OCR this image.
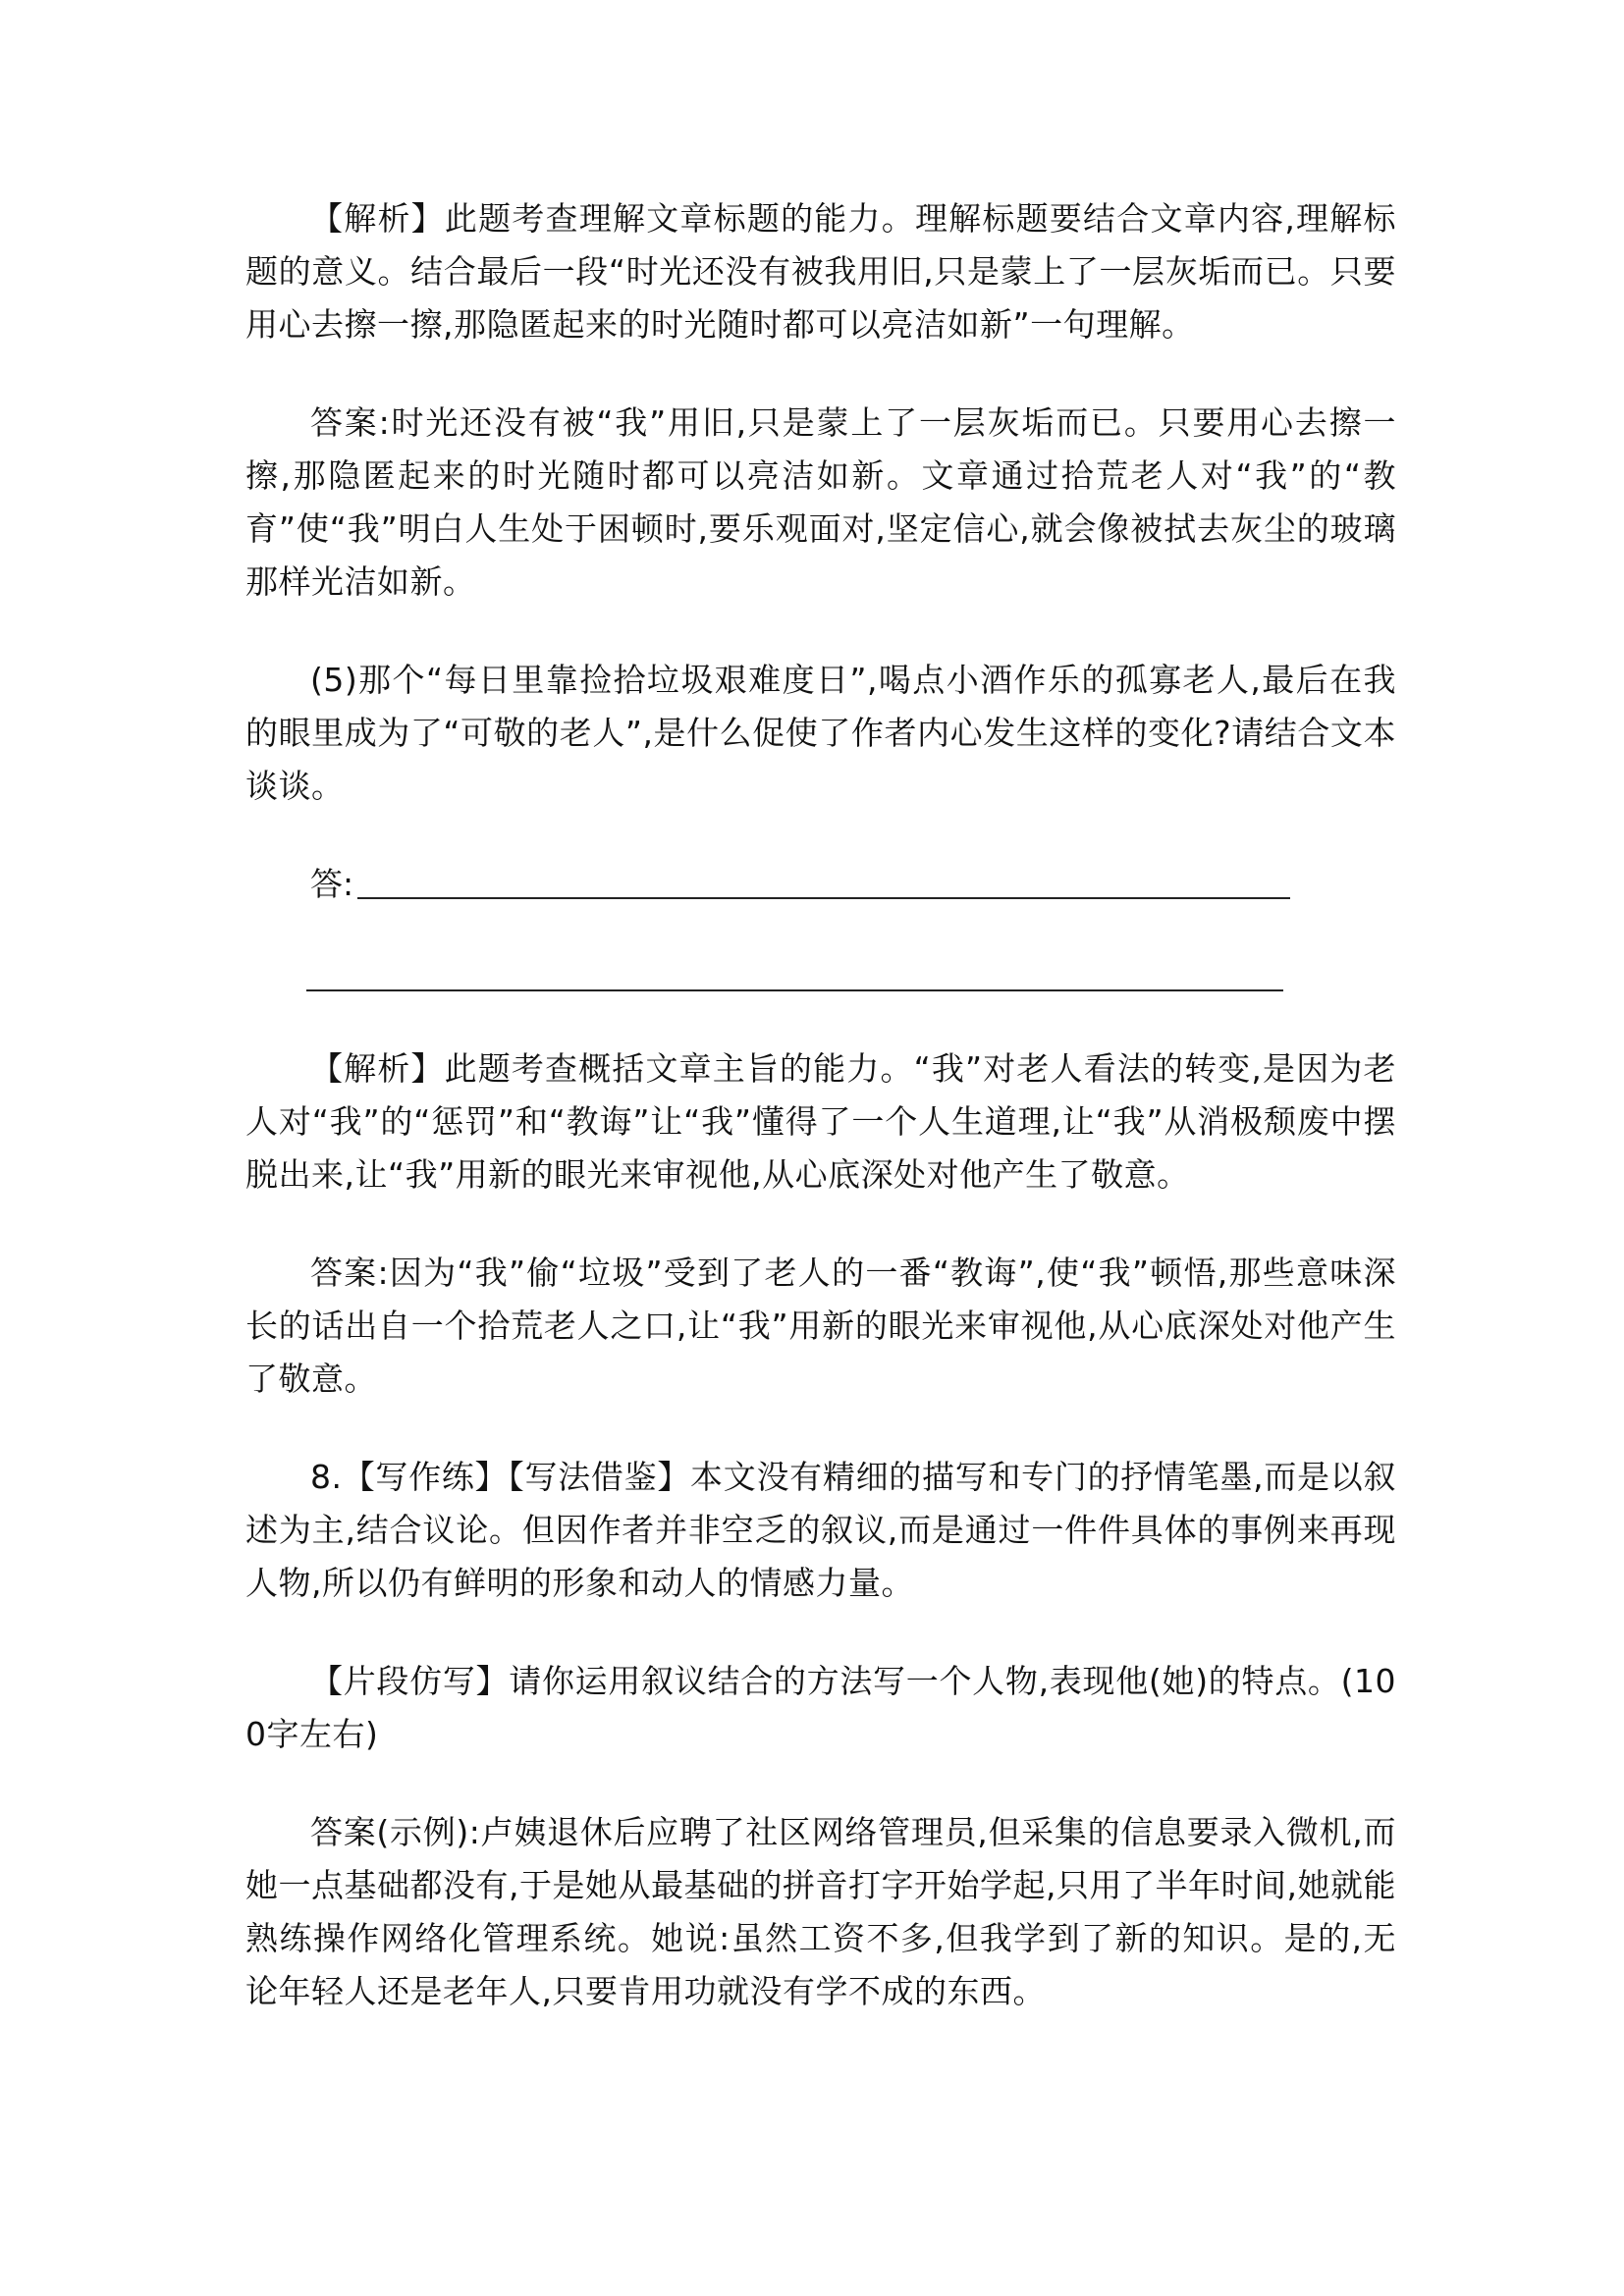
【解析】此题考查理解文章标题的能力。理解标题要结合文章内容,理解标题的意义。结合最后一段“时光还没有被我用旧,只是蒙上了一层灰垢而已。只要用心去擦一擦,那隐匿起来的时光随时都可以亮洁如新”一句理解。

答案:时光还没有被“我”用旧,只是蒙上了一层灰垢而已。只要用心去擦一擦,那隐匿起来的时光随时都可以亮洁如新。文章通过拾荒老人对“我”的“教育”使“我”明白人生处于困顿时,要乐观面对,坚定信心,就会像被拭去灰尘的玻璃那样光洁如新。

(5)那个“每日里靠捡拾垃圾艰难度日”,喝点小酒作乐的孤寡老人,最后在我的眼里成为了“可敬的老人”,是什么促使了作者内心发生这样的变化?请结合文本谈谈。

答:

【解析】此题考查概括文章主旨的能力。“我”对老人看法的转变,是因为老人对“我”的“惩罚”和“教诲”让“我”懂得了一个人生道理,让“我”从消极颓废中摆脱出来,让“我”用新的眼光来审视他,从心底深处对他产生了敬意。

答案:因为“我”偷“垃圾”受到了老人的一番“教诲”,使“我”顿悟,那些意味深长的话出自一个拾荒老人之口,让“我”用新的眼光来审视他,从心底深处对他产生了敬意。

8.【写作练】【写法借鉴】本文没有精细的描写和专门的抒情笔墨,而是以叙述为主,结合议论。但因作者并非空乏的叙议,而是通过一件件具体的事例来再现人物,所以仍有鲜明的形象和动人的情感力量。

【片段仿写】请你运用叙议结合的方法写一个人物,表现他(她)的特点。(100字左右)

答案(示例):卢姨退休后应聘了社区网络管理员,但采集的信息要录入微机,而她一点基础都没有,于是她从最基础的拼音打字开始学起,只用了半年时间,她就能熟练操作网络化管理系统。她说:虽然工资不多,但我学到了新的知识。是的,无论年轻人还是老年人,只要肯用功就没有学不成的东西。
